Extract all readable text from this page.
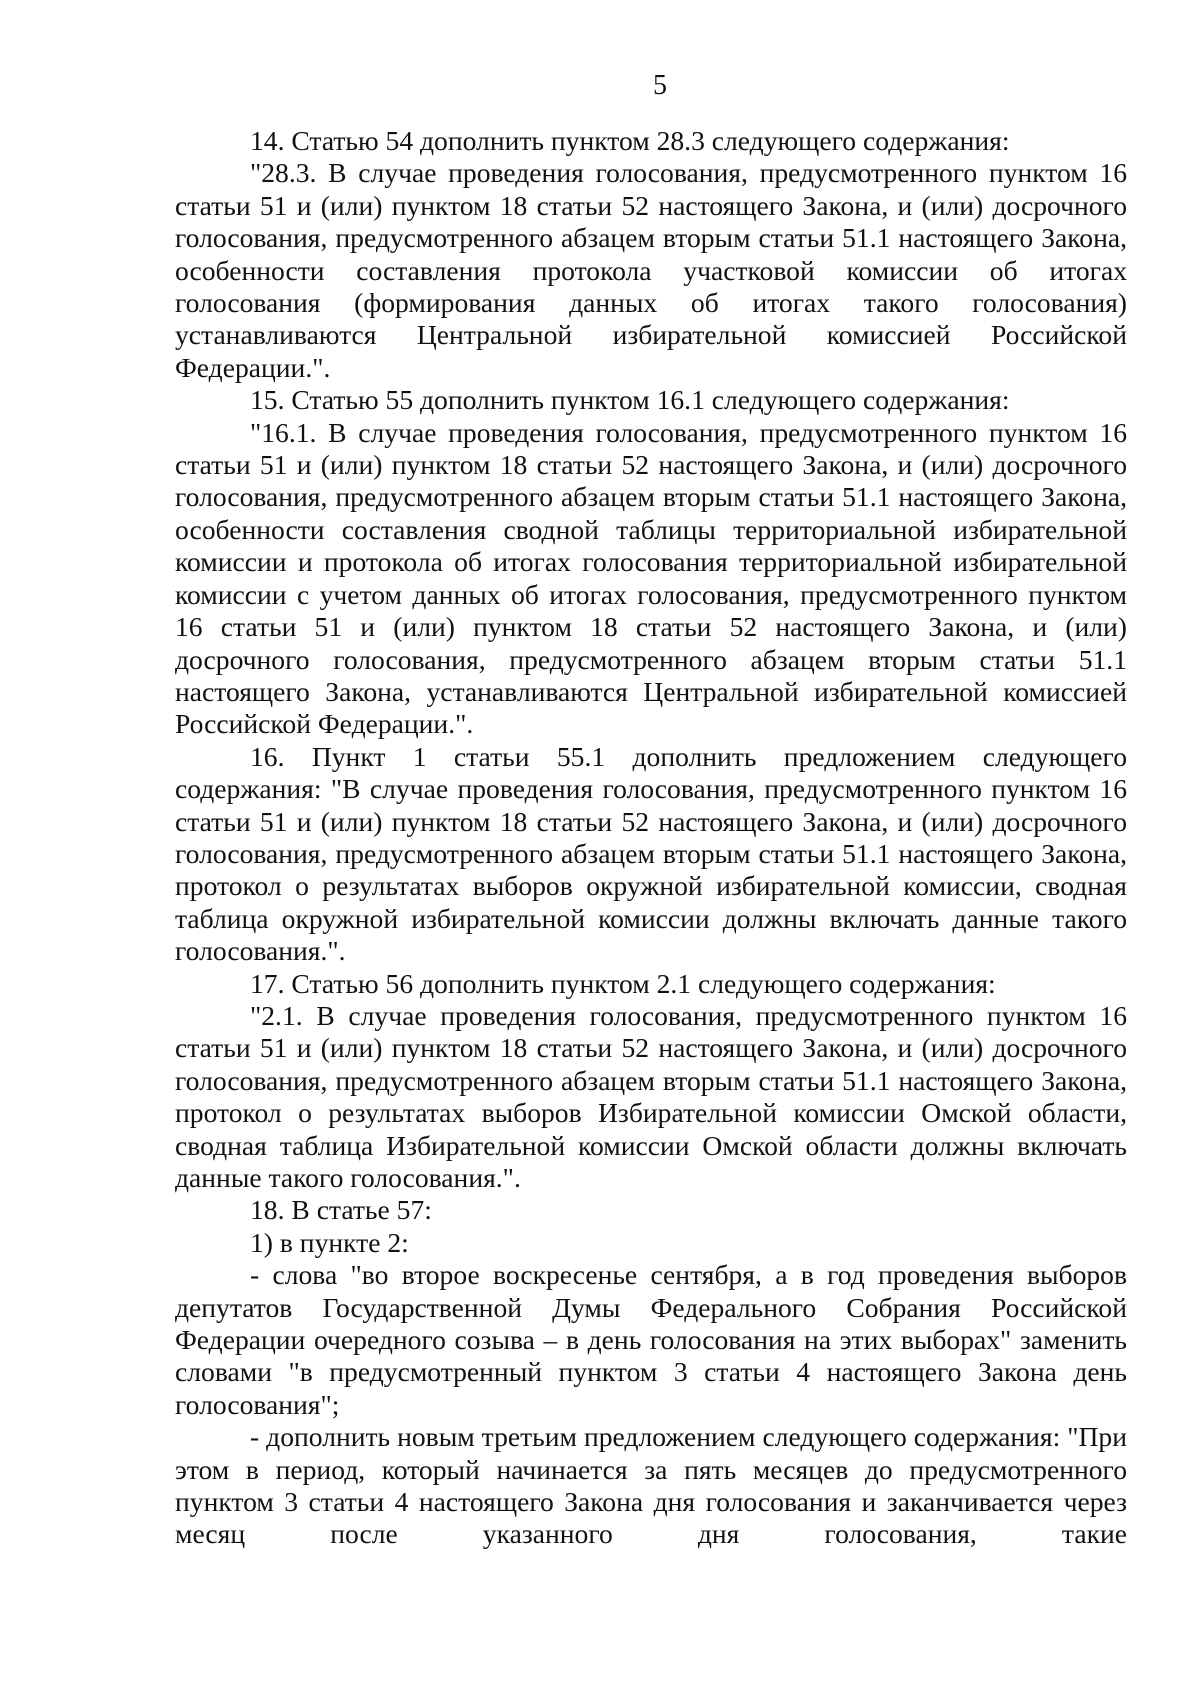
5

14. Статью 54 дополнить пунктом 28.3 следующего содержания:

"28.3. В случае проведения голосования, предусмотренного пунктом 16 статьи 51 и (или) пунктом 18 статьи 52 настоящего Закона, и (или) досрочного голосования, предусмотренного абзацем вторым статьи 51.1 настоящего Закона, особенности составления протокола участковой комиссии об итогах голосования (формирования данных об итогах такого голосования) устанавливаются Центральной избирательной комиссией Российской Федерации.".

15. Статью 55 дополнить пунктом 16.1 следующего содержания:

"16.1. В случае проведения голосования, предусмотренного пунктом 16 статьи 51 и (или) пунктом 18 статьи 52 настоящего Закона, и (или) досрочного голосования, предусмотренного абзацем вторым статьи 51.1 настоящего Закона, особенности составления сводной таблицы территориальной избирательной комиссии и протокола об итогах голосования территориальной избирательной комиссии с учетом данных об итогах голосования, предусмотренного пунктом 16 статьи 51 и (или) пунктом 18 статьи 52 настоящего Закона, и (или) досрочного голосования, предусмотренного абзацем вторым статьи 51.1 настоящего Закона, устанавливаются Центральной избирательной комиссией Российской Федерации.".

16. Пункт 1 статьи 55.1 дополнить предложением следующего содержания: "В случае проведения голосования, предусмотренного пунктом 16 статьи 51 и (или) пунктом 18 статьи 52 настоящего Закона, и (или) досрочного голосования, предусмотренного абзацем вторым статьи 51.1 настоящего Закона, протокол о результатах выборов окружной избирательной комиссии, сводная таблица окружной избирательной комиссии должны включать данные такого голосования.".

17. Статью 56 дополнить пунктом 2.1 следующего содержания:

"2.1. В случае проведения голосования, предусмотренного пунктом 16 статьи 51 и (или) пунктом 18 статьи 52 настоящего Закона, и (или) досрочного голосования, предусмотренного абзацем вторым статьи 51.1 настоящего Закона, протокол о результатах выборов Избирательной комиссии Омской области, сводная таблица Избирательной комиссии Омской области должны включать данные такого голосования.".

18. В статье 57:

1) в пункте 2:

- слова "во второе воскресенье сентября, а в год проведения выборов депутатов Государственной Думы Федерального Собрания Российской Федерации очередного созыва – в день голосования на этих выборах" заменить словами "в предусмотренный пунктом 3 статьи 4 настоящего Закона день голосования";

- дополнить новым третьим предложением следующего содержания: "При этом в период, который начинается за пять месяцев до предусмотренного пунктом 3 статьи 4 настоящего Закона дня голосования и заканчивается через месяц после указанного дня голосования, такие
